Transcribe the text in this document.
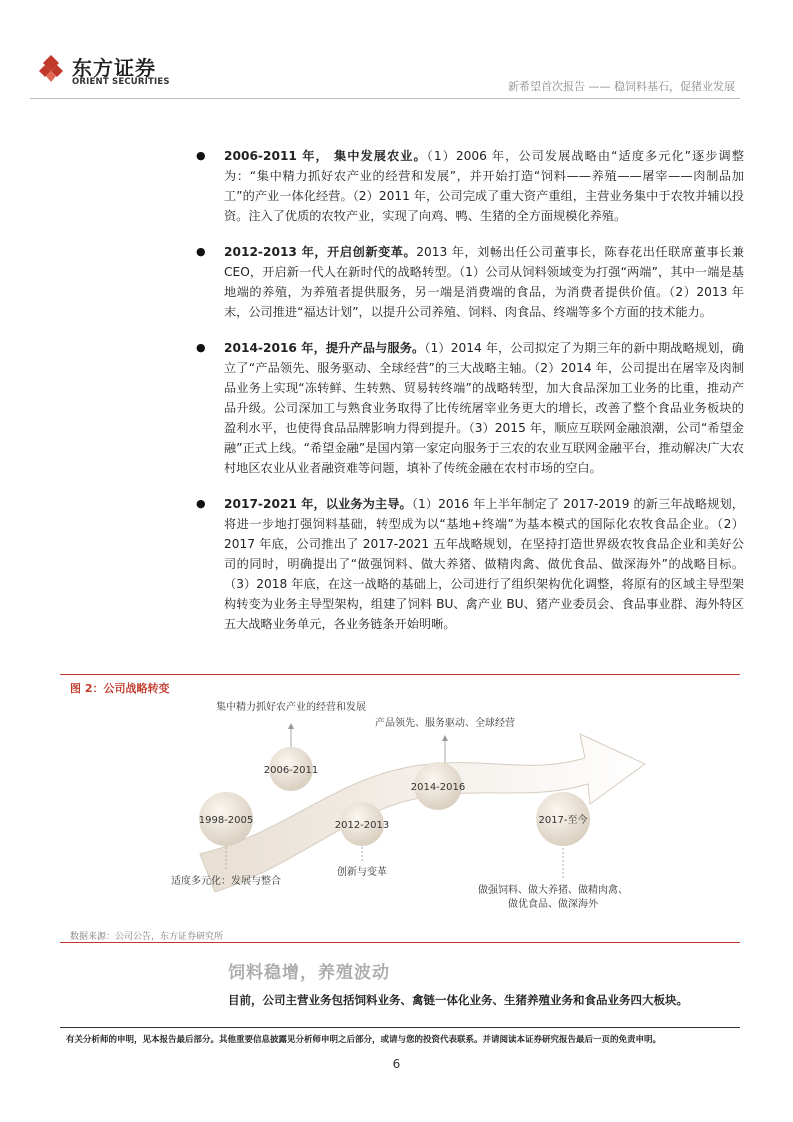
东方证券
ORIENT SECURITIES	新希望首次报告 —— 稳饲料基石，促猪业发展
● 2006-2011 年， 集中发展农业。（1）2006 年，公司发展战略由“适度多元化”逐步调整为：“集中精力抓好农产业的经营和发展”，并开始打造“饲料——养殖——屠宰——肉制品加工”的产业一体化经营。（2）2011 年，公司完成了重大资产重组，主营业务集中于农牧并辅以投资。注入了优质的农牧产业，实现了向鸡、鸭、生猪的全方面规模化养殖。
● 2012-2013 年，开启创新变革。2013 年，刘畅出任公司董事长，陈春花出任联席董事长兼CEO，开启新一代人在新时代的战略转型。（1）公司从饲料领域变为打强“两端”，其中一端是基地端的养殖，为养殖者提供服务，另一端是消费端的食品，为消费者提供价值。（2）2013 年末，公司推进“福达计划”，以提升公司养殖、饲料、肉食品、终端等多个方面的技术能力。
● 2014-2016 年，提升产品与服务。（1）2014 年，公司拟定了为期三年的新中期战略规划，确立了“产品领先、服务驱动、全球经营”的三大战略主轴。（2）2014 年，公司提出在屠宰及肉制品业务上实现“冻转鲜、生转熟、贸易转终端”的战略转型，加大食品深加工业务的比重，推动产品升级。公司深加工与熟食业务取得了比传统屠宰业务更大的增长，改善了整个食品业务板块的盈利水平，也使得食品品牌影响力得到提升。（3）2015 年，顺应互联网金融浪潮，公司“希望金融”正式上线。“希望金融”是国内第一家定向服务于三农的农业互联网金融平台，推动解决广大农村地区农业从业者融资难等问题，填补了传统金融在农村市场的空白。
● 2017-2021 年，以业务为主导。（1）2016 年上半年制定了 2017-2019 的新三年战略规划，将进一步地打强饲料基础，转型成为以“基地+终端”为基本模式的国际化农牧食品企业。（2）2017 年底，公司推出了 2017-2021 五年战略规划，在坚持打造世界级农牧食品企业和美好公司的同时，明确提出了“做强饲料、做大养猪、做精肉禽、做优食品、做深海外”的战略目标。（3）2018 年底，在这一战略的基础上，公司进行了组织架构优化调整，将原有的区域主导型架构转变为业务主导型架构，组建了饲料 BU、禽产业 BU、猪产业委员会、食品事业群、海外特区五大战略业务单元，各业务链条开始明晰。
图 2：公司战略转变
1998-2005
2006-2011
2012-2013
2014-2016
2017-至今
集中精力抓好农产业的经营和发展
产品领先、服务驱动、全球经营
适度多元化：发展与整合
创新与变革
做强饲料、做大养猪、做精肉禽、
做优食品、做深海外
数据来源：公司公告，东方证券研究所
饲料稳增，养殖波动
目前，公司主营业务包括饲料业务、禽链一体化业务、生猪养殖业务和食品业务四大板块。
有关分析师的申明，见本报告最后部分。其他重要信息披露见分析师申明之后部分，或请与您的投资代表联系。并请阅读本证券研究报告最后一页的免责申明。
6
